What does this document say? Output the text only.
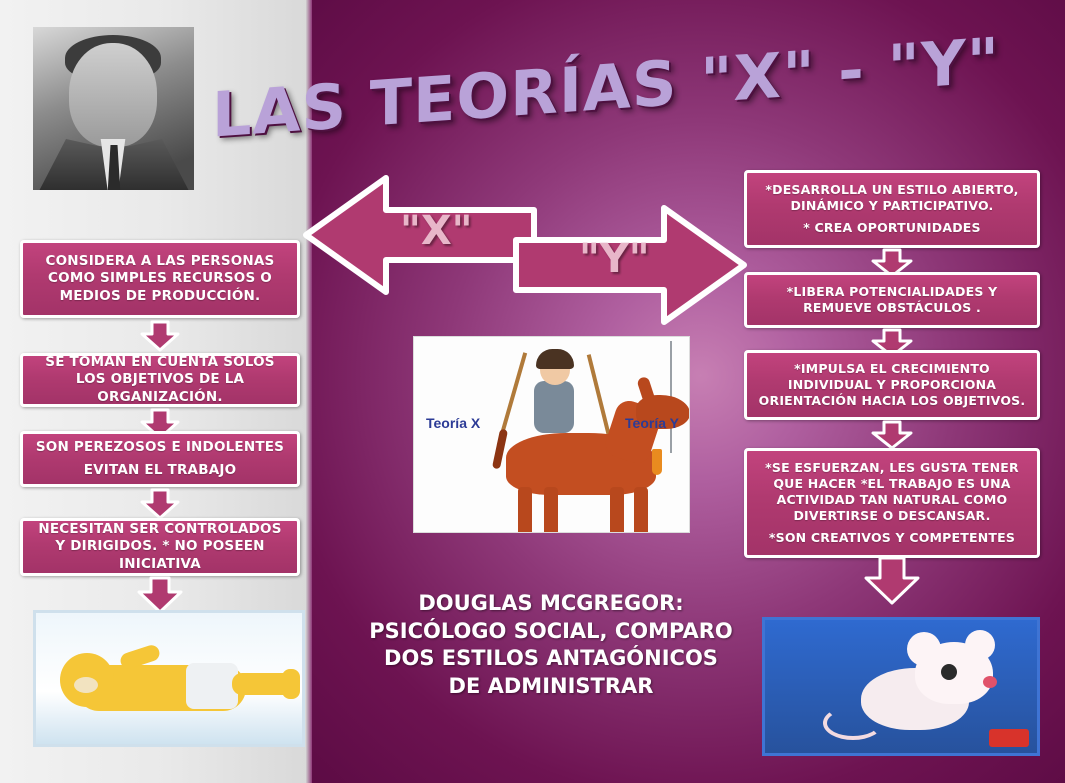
LAS TEORÍAS "X" - "Y"
"X"
"Y"

CONSIDERA A LAS PERSONAS COMO SIMPLES RECURSOS O MEDIOS DE PRODUCCIÓN.

SE TOMAN EN CUENTA SOLOS LOS OBJETIVOS DE LA ORGANIZACIÓN.

SON PEREZOSOS E INDOLENTES

EVITAN EL TRABAJO

NECESITAN SER CONTROLADOS Y DIRIGIDOS. * NO POSEEN INICIATIVA

*DESARROLLA UN ESTILO ABIERTO, DINÁMICO Y PARTICIPATIVO.

* CREA OPORTUNIDADES

*LIBERA POTENCIALIDADES Y REMUEVE OBSTÁCULOS .

*IMPULSA EL CRECIMIENTO INDIVIDUAL Y PROPORCIONA ORIENTACIÓN HACIA LOS OBJETIVOS.

*SE ESFUERZAN, LES GUSTA TENER QUE HACER *EL TRABAJO ES UNA ACTIVIDAD TAN NATURAL COMO DIVERTIRSE O DESCANSAR.

*SON CREATIVOS Y COMPETENTES

Teoría X	Teoría Y
DOUGLAS MCGREGOR: PSICÓLOGO SOCIAL, COMPARO DOS ESTILOS ANTAGÓNICOS DE ADMINISTRAR
